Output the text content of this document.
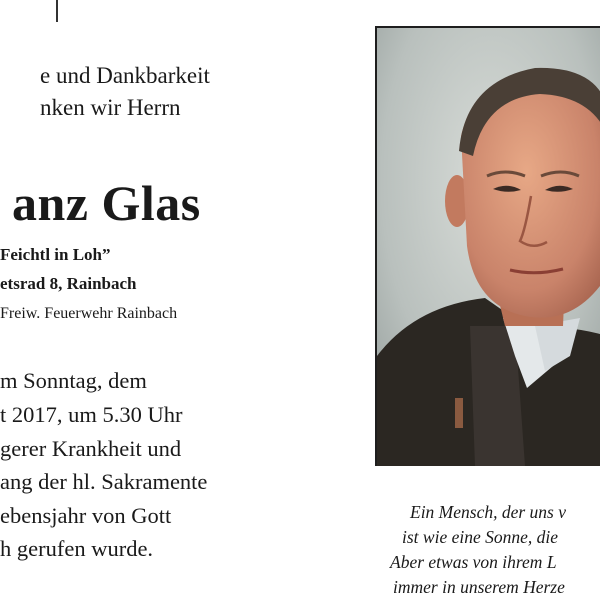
e und Dankbarkeit
nken wir Herrn
anz Glas
Feichtl in Loh”
etsrad 8, Rainbach
Freiw. Feuerwehr Rainbach
m Sonntag, dem
t 2017, um 5.30 Uhr
gerer Krankheit und
ang der hl. Sakramente
ebensjahr von Gott
h gerufen wurde.
Ein Mensch, der uns v
ist wie eine Sonne, die
Aber etwas von ihrem L
immer in unserem Herze
